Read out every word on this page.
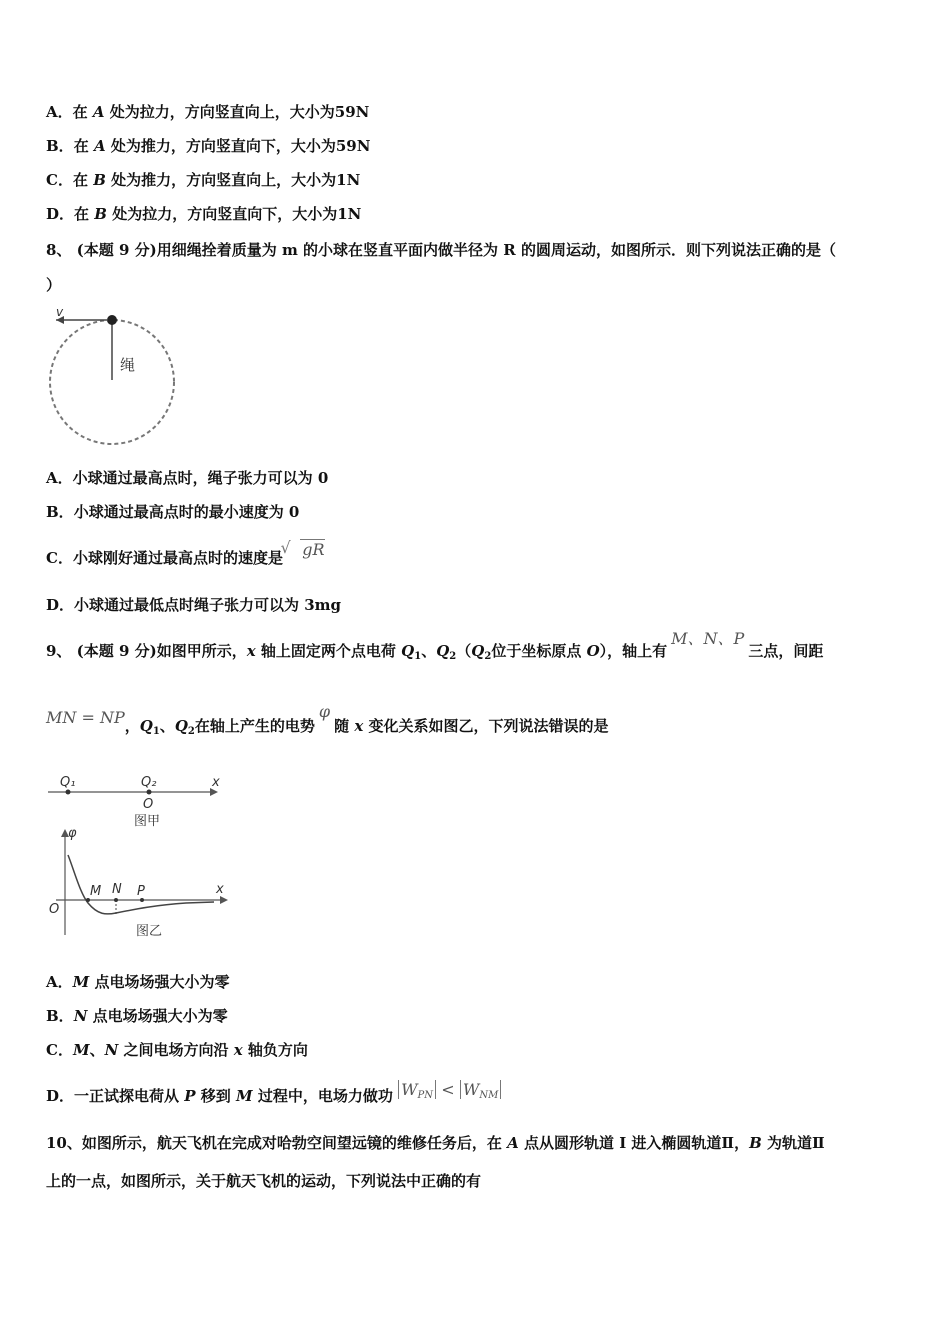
A．在 A 处为拉力，方向竖直向上，大小为59N
B．在 A 处为推力，方向竖直向下，大小为59N
C．在 B 处为推力，方向竖直向上，大小为1N
D．在 B 处为拉力，方向竖直向下，大小为1N
8、 (本题 9 分)用细绳拴着质量为 m 的小球在竖直平面内做半径为 R 的圆周运动，如图所示．则下列说法正确的是（
）
v
绳
A．小球通过最高点时，绳子张力可以为 0
B．小球通过最高点时的最小速度为 0
C．小球刚好通过最高点时的速度是 gR
√
D．小球通过最低点时绳子张力可以为 3mg
9、 (本题 9 分)如图甲所示，x 轴上固定两个点电荷 $Q_1$、$Q_2(Q_2$位于坐标原点 O），轴上有M、N、P三点，间距
MN = NP，$Q_1$、$Q_2$在轴上产生的电势φ随 x 变化关系如图乙，下列说法错误的是
Q₁	Q₂	x
O
图甲
φ
O
M N P	x
图乙
A．M 点电场场强大小为零
B．N 点电场场强大小为零
C．M、N 之间电场方向沿 x 轴负方向
D．一正试探电荷从 P 移到 M 过程中，电场力做功 $W_{PN} < W_{NM}$
10、如图所示，航天飞机在完成对哈勃空间望远镜的维修任务后，在 A 点从圆形轨道 I 进入椭圆轨道Ⅱ，B 为轨道Ⅱ
上的一点，如图所示，关于航天飞机的运动，下列说法中正确的有
